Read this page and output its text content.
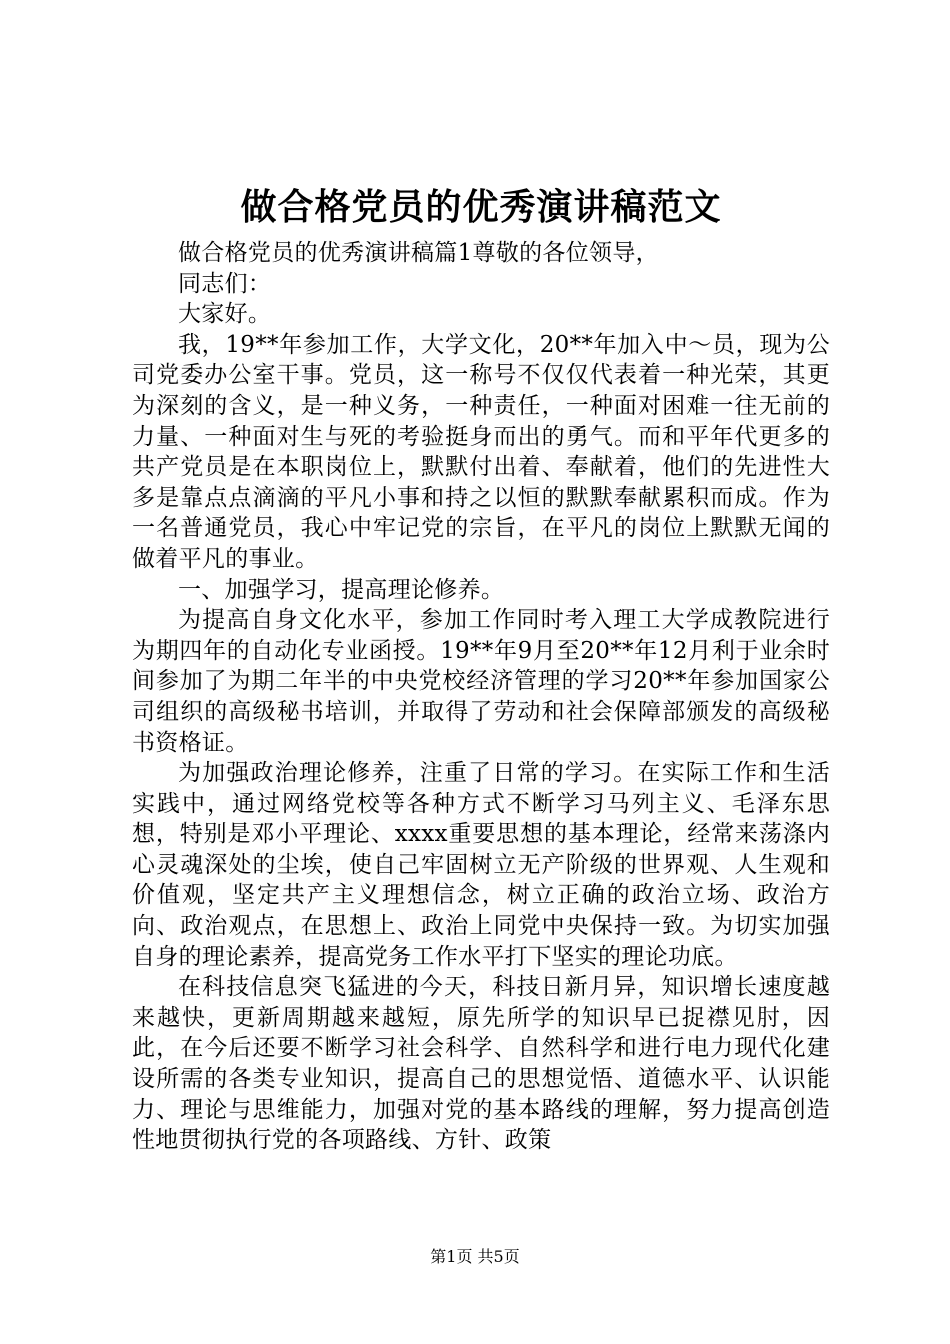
做合格党员的优秀演讲稿范文

做合格党员的优秀演讲稿篇1尊敬的各位领导，

同志们：

大家好。

我，19**年参加工作，大学文化，20**年加入中～员，现为公司党委办公室干事。党员，这一称号不仅仅代表着一种光荣，其更为深刻的含义，是一种义务，一种责任，一种面对困难一往无前的力量、一种面对生与死的考验挺身而出的勇气。而和平年代更多的共产党员是在本职岗位上，默默付出着、奉献着，他们的先进性大多是靠点点滴滴的平凡小事和持之以恒的默默奉献累积而成。作为一名普通党员，我心中牢记党的宗旨，在平凡的岗位上默默无闻的做着平凡的事业。

一、加强学习，提高理论修养。

为提高自身文化水平，参加工作同时考入理工大学成教院进行为期四年的自动化专业函授。19**年9月至20**年12月利于业余时间参加了为期二年半的中央党校经济管理的学习20**年参加国家公司组织的高级秘书培训，并取得了劳动和社会保障部颁发的高级秘书资格证。

为加强政治理论修养，注重了日常的学习。在实际工作和生活实践中，通过网络党校等各种方式不断学习马列主义、毛泽东思想，特别是邓小平理论、xxxx重要思想的基本理论，经常来荡涤内心灵魂深处的尘埃，使自己牢固树立无产阶级的世界观、人生观和价值观，坚定共产主义理想信念，树立正确的政治立场、政治方向、政治观点，在思想上、政治上同党中央保持一致。为切实加强自身的理论素养，提高党务工作水平打下坚实的理论功底。

在科技信息突飞猛进的今天，科技日新月异，知识增长速度越来越快，更新周期越来越短，原先所学的知识早已捉襟见肘，因此，在今后还要不断学习社会科学、自然科学和进行电力现代化建设所需的各类专业知识，提高自己的思想觉悟、道德水平、认识能力、理论与思维能力，加强对党的基本路线的理解，努力提高创造性地贯彻执行党的各项路线、方针、政策

第1页 共5页
